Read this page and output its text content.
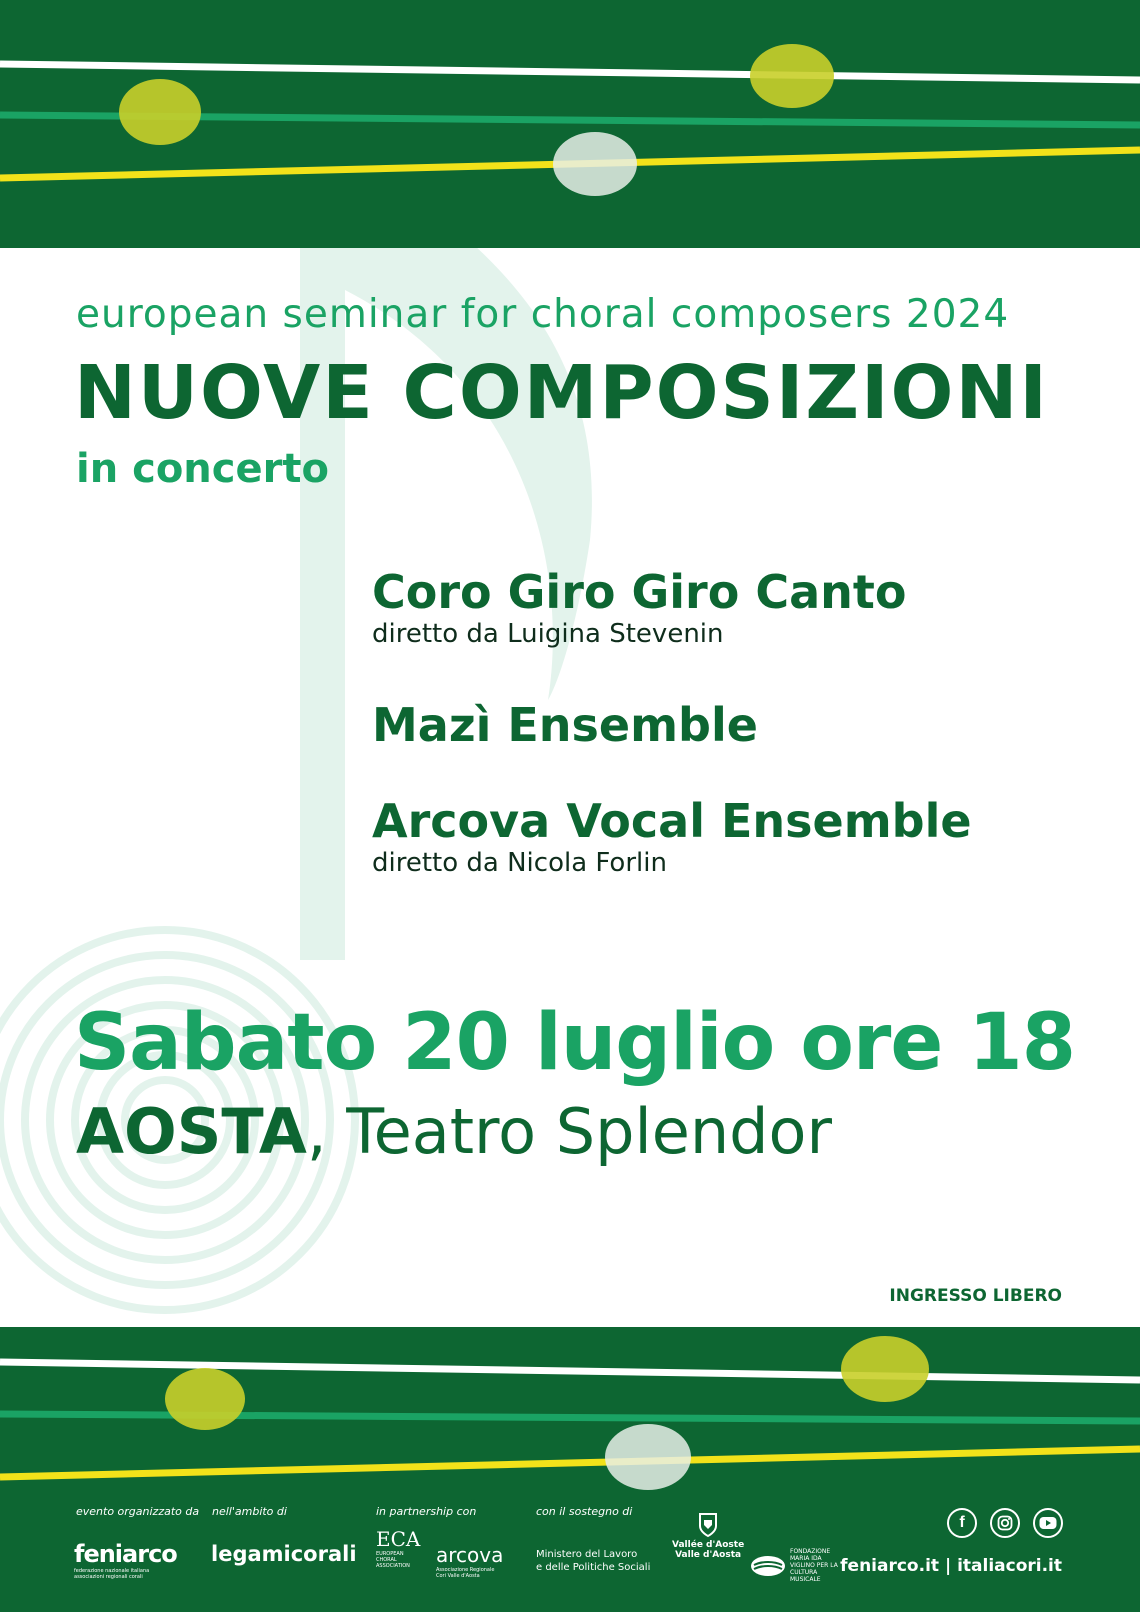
european seminar for choral composers 2024
NUOVE COMPOSIZIONI
in concerto
Coro Giro Giro Canto
diretto da Luigina Stevenin
Mazì Ensemble
Arcova Vocal Ensemble
diretto da Nicola Forlin
Sabato 20 luglio ore 18
AOSTA, Teatro Splendor
INGRESSO LIBERO
evento organizzato da nell'ambito di	in partnership con	con il sostegno di
feniarco
federazione nazionale italiana associazioni regionali corali
legamicorali
ECA
EUROPEAN CHORAL ASSOCIATION	arcova
Associazione Regionale Cori Valle d'Aosta
Ministero del Lavoro
e delle Politiche Sociali
Vallée d'Aoste
Valle d'Aosta	FONDAZIONE MARIA IDA VIGLINO PER LA CULTURA MUSICALE
f
feniarco.it | italiacori.it
